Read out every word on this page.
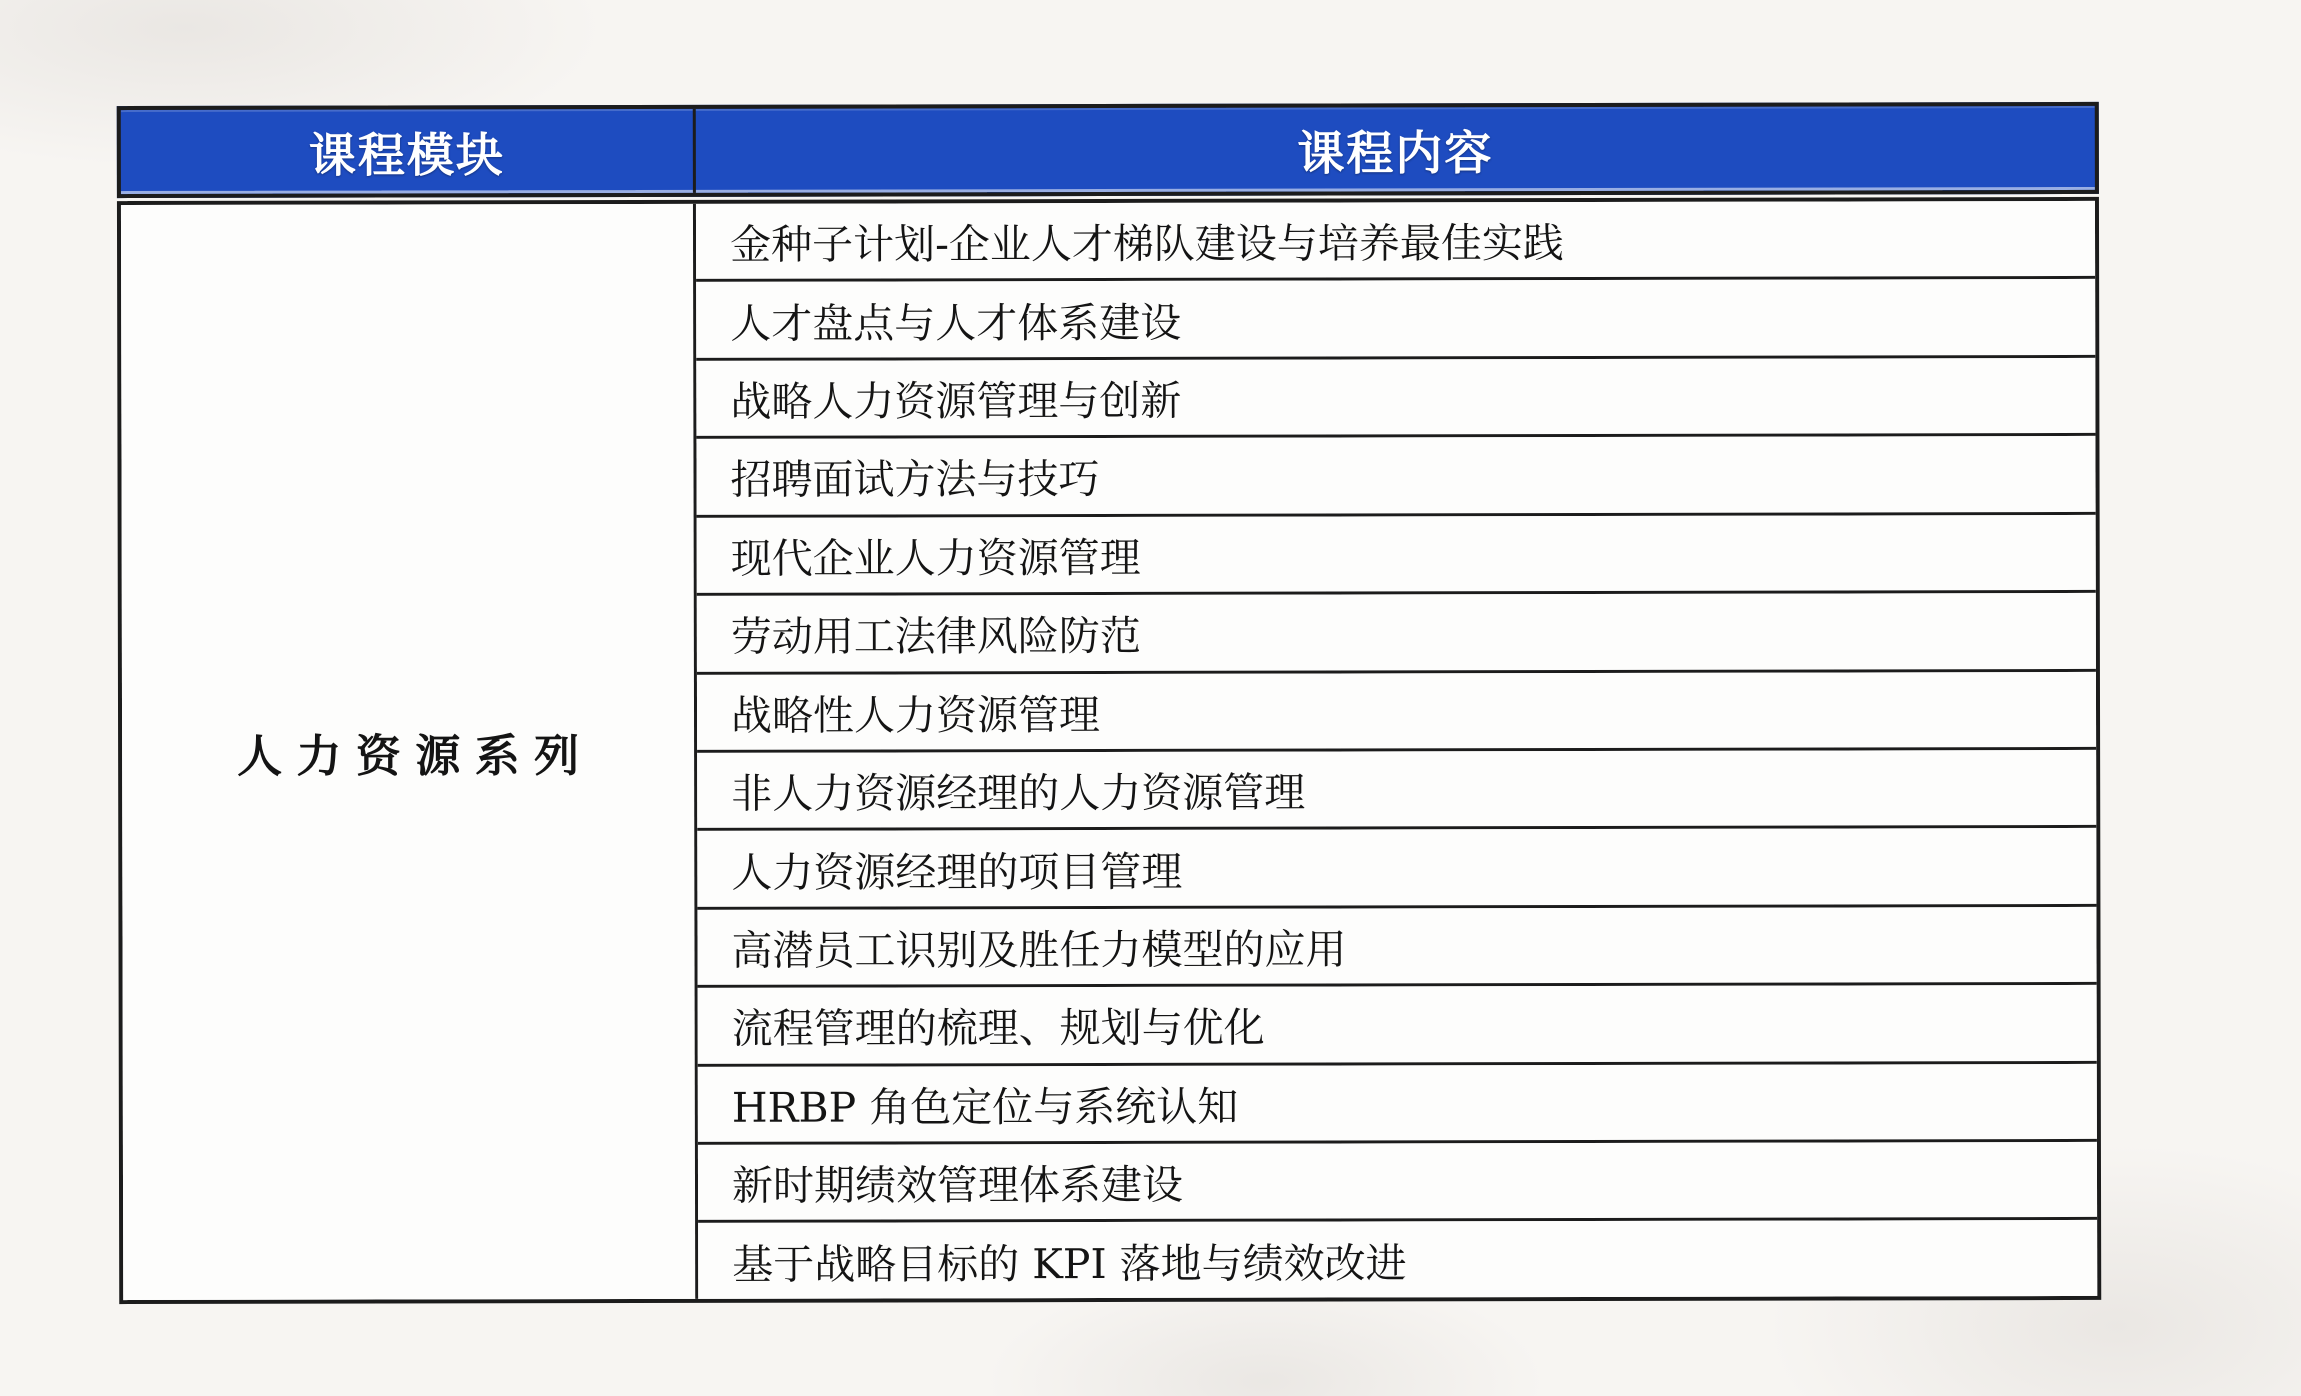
课程模块	课程内容
人力资源系列
金种子计划-企业人才梯队建设与培养最佳实践
人才盘点与人才体系建设
战略人力资源管理与创新
招聘面试方法与技巧
现代企业人力资源管理
劳动用工法律风险防范
战略性人力资源管理
非人力资源经理的人力资源管理
人力资源经理的项目管理
高潜员工识别及胜任力模型的应用
流程管理的梳理、规划与优化
HRBP 角色定位与系统认知
新时期绩效管理体系建设
基于战略目标的 KPI 落地与绩效改进
